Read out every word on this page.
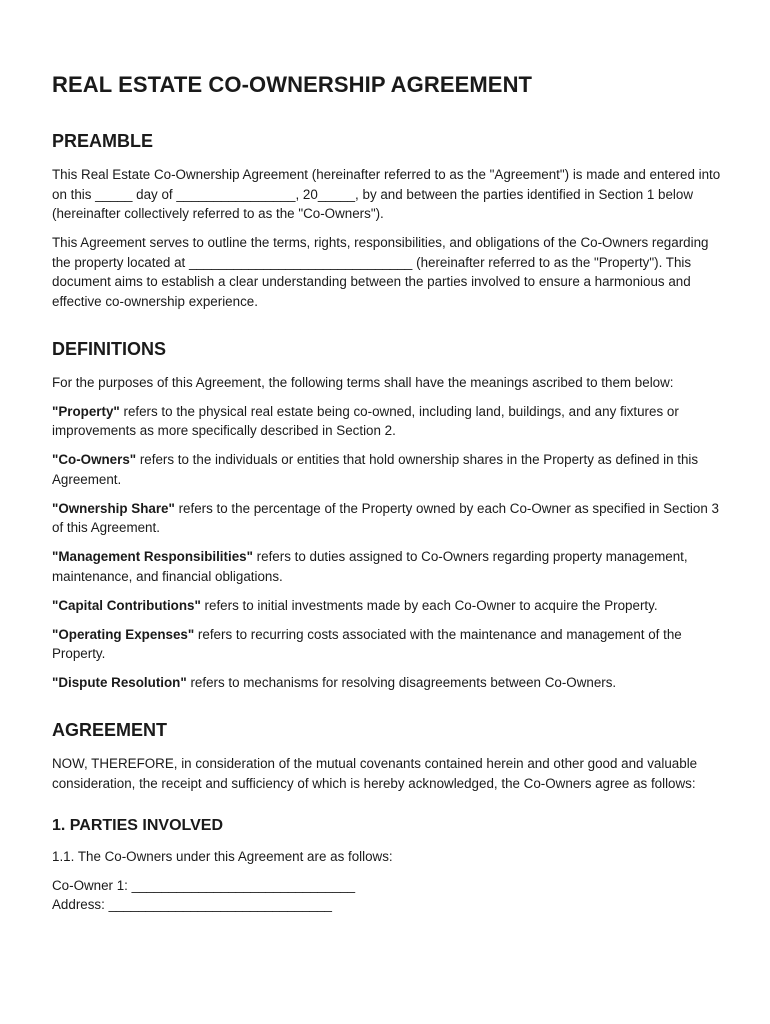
REAL ESTATE CO-OWNERSHIP AGREEMENT
PREAMBLE

This Real Estate Co-Ownership Agreement (hereinafter referred to as the "Agreement") is made and entered into on this _____ day of ________________, 20_____, by and between the parties identified in Section 1 below (hereinafter collectively referred to as the "Co-Owners").

This Agreement serves to outline the terms, rights, responsibilities, and obligations of the Co-Owners regarding the property located at ______________________________ (hereinafter referred to as the "Property"). This document aims to establish a clear understanding between the parties involved to ensure a harmonious and effective co-ownership experience.

DEFINITIONS

For the purposes of this Agreement, the following terms shall have the meanings ascribed to them below:

"Property" refers to the physical real estate being co-owned, including land, buildings, and any fixtures or improvements as more specifically described in Section 2.

"Co-Owners" refers to the individuals or entities that hold ownership shares in the Property as defined in this Agreement.

"Ownership Share" refers to the percentage of the Property owned by each Co-Owner as specified in Section 3 of this Agreement.

"Management Responsibilities" refers to duties assigned to Co-Owners regarding property management, maintenance, and financial obligations.

"Capital Contributions" refers to initial investments made by each Co-Owner to acquire the Property.

"Operating Expenses" refers to recurring costs associated with the maintenance and management of the Property.

"Dispute Resolution" refers to mechanisms for resolving disagreements between Co-Owners.

AGREEMENT

NOW, THEREFORE, in consideration of the mutual covenants contained herein and other good and valuable consideration, the receipt and sufficiency of which is hereby acknowledged, the Co-Owners agree as follows:

1. PARTIES INVOLVED

1.1. The Co-Owners under this Agreement are as follows:

Co-Owner 1: ______________________________

Address: ______________________________
